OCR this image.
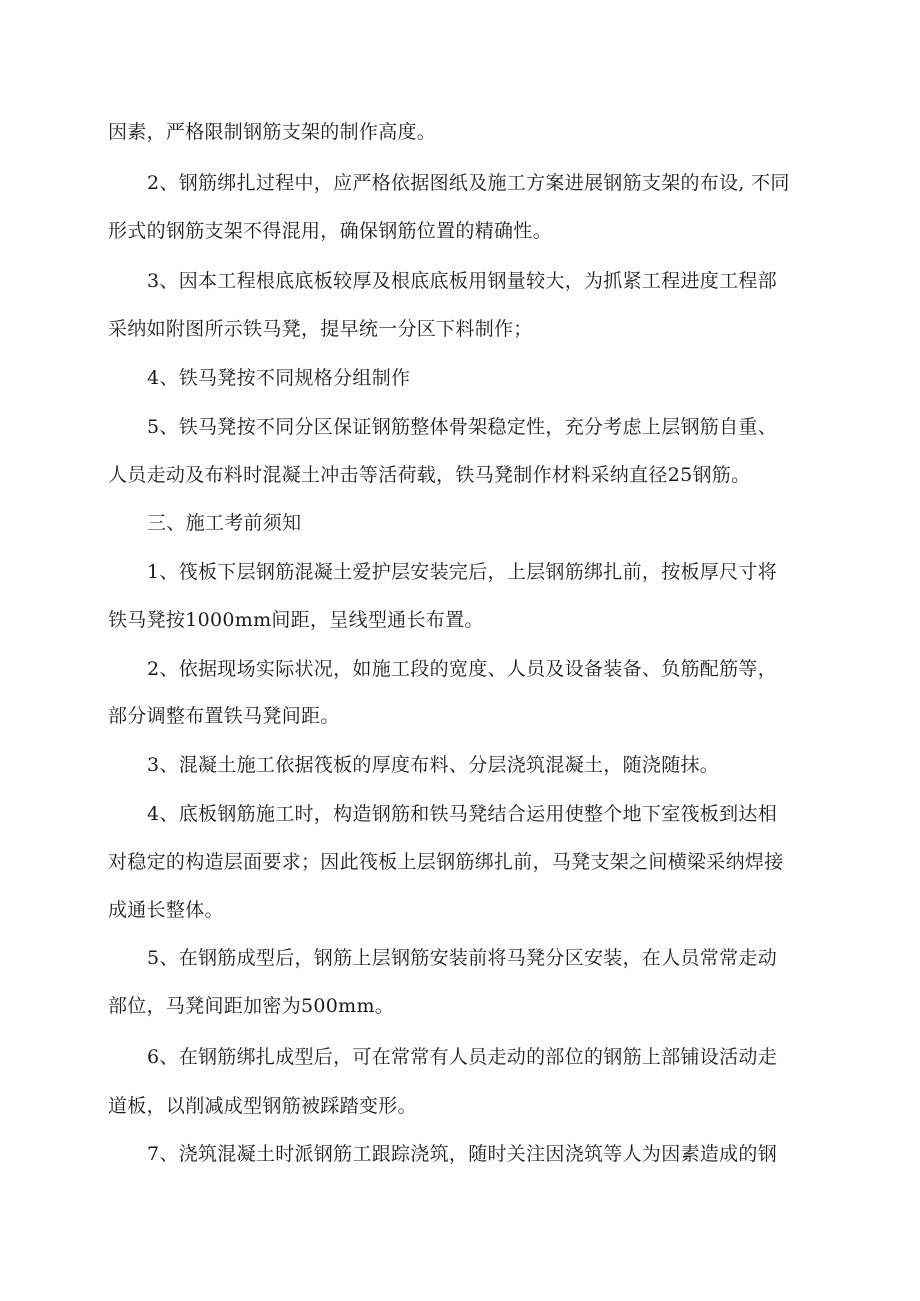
因素，严格限制钢筋支架的制作高度。
2、钢筋绑扎过程中，应严格依据图纸及施工方案进展钢筋支架的布设, 不同
形式的钢筋支架不得混用，确保钢筋位置的精确性。
3、因本工程根底底板较厚及根底底板用钢量较大，为抓紧工程进度工程部
采纳如附图所示铁马凳，提早统一分区下料制作；
4、铁马凳按不同规格分组制作
5、铁马凳按不同分区保证钢筋整体骨架稳定性，充分考虑上层钢筋自重、
人员走动及布料时混凝土冲击等活荷载，铁马凳制作材料采纳直径25钢筋。
三、施工考前须知
1、筏板下层钢筋混凝土爱护层安装完后，上层钢筋绑扎前，按板厚尺寸将
铁马凳按1000mm间距，呈线型通长布置。
2、依据现场实际状况，如施工段的宽度、人员及设备装备、负筋配筋等，
部分调整布置铁马凳间距。
3、混凝土施工依据筏板的厚度布料、分层浇筑混凝土，随浇随抹。
4、底板钢筋施工时，构造钢筋和铁马凳结合运用使整个地下室筏板到达相
对稳定的构造层面要求；因此筏板上层钢筋绑扎前，马凳支架之间横梁采纳焊接
成通长整体。
5、在钢筋成型后，钢筋上层钢筋安装前将马凳分区安装，在人员常常走动
部位，马凳间距加密为500mm。
6、在钢筋绑扎成型后，可在常常有人员走动的部位的钢筋上部铺设活动走
道板，以削减成型钢筋被踩踏变形。
7、浇筑混凝土时派钢筋工跟踪浇筑，随时关注因浇筑等人为因素造成的钢
